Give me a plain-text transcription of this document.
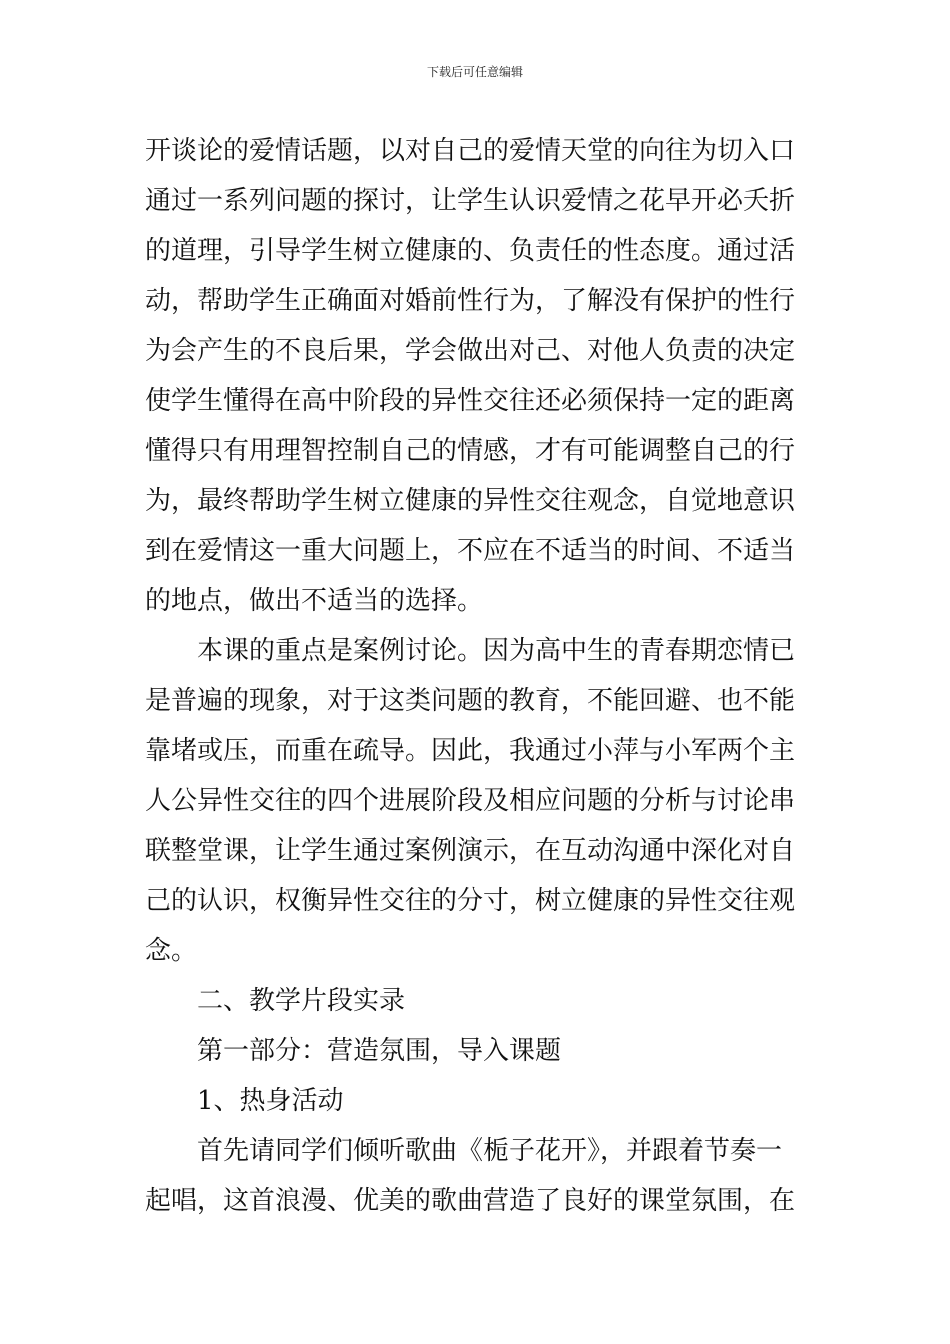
下载后可任意编辑
开谈论的爱情话题，以对自己的爱情天堂的向往为切入口
通过一系列问题的探讨，让学生认识爱情之花早开必夭折
的道理，引导学生树立健康的、负责任的性态度。通过活
动，帮助学生正确面对婚前性行为，了解没有保护的性行
为会产生的不良后果，学会做出对己、对他人负责的决定
使学生懂得在高中阶段的异性交往还必须保持一定的距离
懂得只有用理智控制自己的情感，才有可能调整自己的行
为，最终帮助学生树立健康的异性交往观念，自觉地意识
到在爱情这一重大问题上，不应在不适当的时间、不适当
的地点，做出不适当的选择。
本课的重点是案例讨论。因为高中生的青春期恋情已
是普遍的现象，对于这类问题的教育，不能回避、也不能
靠堵或压，而重在疏导。因此，我通过小萍与小军两个主
人公异性交往的四个进展阶段及相应问题的分析与讨论串
联整堂课，让学生通过案例演示，在互动沟通中深化对自
己的认识，权衡异性交往的分寸，树立健康的异性交往观
念。
二、教学片段实录
第一部分：营造氛围，导入课题
1、热身活动
首先请同学们倾听歌曲《栀子花开》，并跟着节奏一
起唱，这首浪漫、优美的歌曲营造了良好的课堂氛围，在
